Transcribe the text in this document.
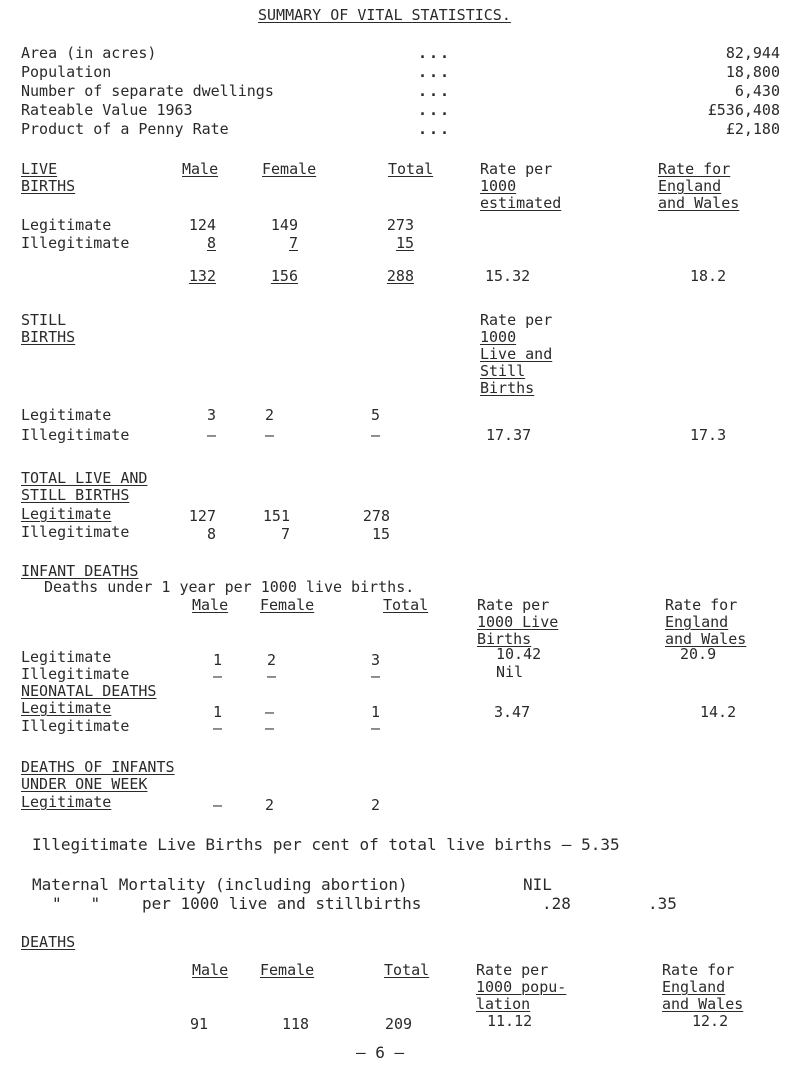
SUMMARY OF VITAL STATISTICS.
Area (in acres)	...	82,944
Population	...	18,800
Number of separate dwellings	...	6,430
Rateable Value 1963	...	£536,408
Product of a Penny Rate	...	£2,180
LIVE
BIRTHS
Male	Female	Total	Rate per
1000
estimated
Rate for
England
and Wales
Legitimate	124	149	273
Illegitimate	8	7	15
132	156	288	15.32	18.2
STILL
BIRTHS
Rate per
1000
Live and
Still
Births
Legitimate	3	2	5
Illegitimate	–	–	–	17.37	17.3
TOTAL LIVE AND
STILL BIRTHS
Legitimate	127	151	278
Illegitimate	8	7	15
INFANT DEATHS
Deaths under 1 year per 1000 live births.
Male Female	Total	Rate per
1000 Live
Births
Rate for
England
and Wales
Legitimate	1	2	3	10.42	20.9
Illegitimate	–	–	–	Nil
NEONATAL DEATHS
Legitimate	1	–	1	3.47	14.2
Illegitimate	–	–	–
DEATHS OF INFANTS
UNDER ONE WEEK
Legitimate	–	2	2
Illegitimate Live Births per cent of total live births – 5.35
Maternal Mortality (including abortion)	NIL
"   "	per 1000 live and stillbirths	.28	.35
DEATHS
Male Female	Total	Rate per
1000 popu-
lation
Rate for
England
and Wales
91	118	209	11.12	12.2
– 6 –
